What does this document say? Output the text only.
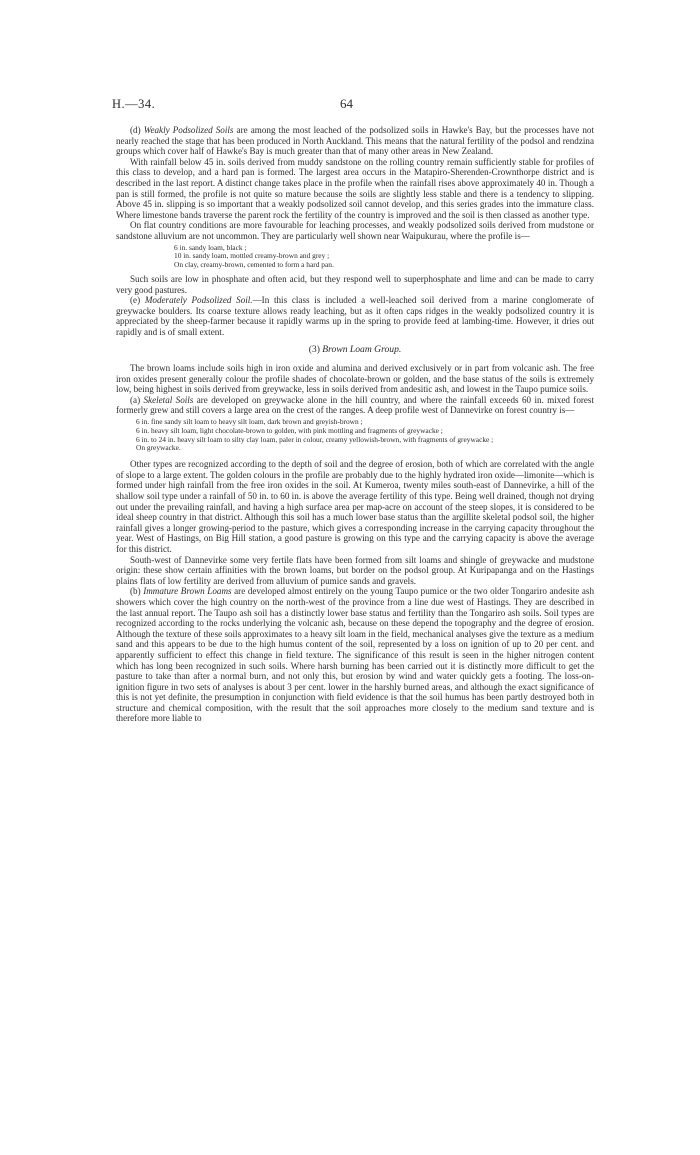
H.—34.	64

(d) Weakly Podsolized Soils are among the most leached of the podsolized soils in Hawke's Bay, but the processes have not nearly reached the stage that has been produced in North Auckland. This means that the natural fertility of the podsol and rendzina groups which cover half of Hawke's Bay is much greater than that of many other areas in New Zealand.

With rainfall below 45 in. soils derived from muddy sandstone on the rolling country remain sufficiently stable for profiles of this class to develop, and a hard pan is formed. The largest area occurs in the Matapiro-Sherenden-Crownthorpe district and is described in the last report. A distinct change takes place in the profile when the rainfall rises above approximately 40 in. Though a pan is still formed, the profile is not quite so mature because the soils are slightly less stable and there is a tendency to slipping. Above 45 in. slipping is so important that a weakly podsolized soil cannot develop, and this series grades into the immature class. Where limestone bands traverse the parent rock the fertility of the country is improved and the soil is then classed as another type.

On flat country conditions are more favourable for leaching processes, and weakly podsolized soils derived from mudstone or sandstone alluvium are not uncommon. They are particularly well shown near Waipukurau, where the profile is—

6 in. sandy loam, black ;
10 in. sandy loam, mottled creamy-brown and grey ;
On clay, creamy-brown, cemented to form a hard pan.

Such soils are low in phosphate and often acid, but they respond well to superphosphate and lime and can be made to carry very good pastures.

(e) Moderately Podsolized Soil.—In this class is included a well-leached soil derived from a marine conglomerate of greywacke boulders. Its coarse texture allows ready leaching, but as it often caps ridges in the weakly podsolized country it is appreciated by the sheep-farmer because it rapidly warms up in the spring to provide feed at lambing-time. However, it dries out rapidly and is of small extent.

(3) Brown Loam Group.

The brown loams include soils high in iron oxide and alumina and derived exclusively or in part from volcanic ash. The free iron oxides present generally colour the profile shades of chocolate-brown or golden, and the base status of the soils is extremely low, being highest in soils derived from greywacke, less in soils derived from andesitic ash, and lowest in the Taupo pumice soils.

(a) Skeletal Soils are developed on greywacke alone in the hill country, and where the rainfall exceeds 60 in. mixed forest formerly grew and still covers a large area on the crest of the ranges. A deep profile west of Dannevirke on forest country is—

6 in. fine sandy silt loam to heavy silt loam, dark brown and greyish-brown ;
6 in. heavy silt loam, light chocolate-brown to golden, with pink mottling and fragments of greywacke ;
6 in. to 24 in. heavy silt loam to silty clay loam, paler in colour, creamy yellowish-brown, with fragments of greywacke ;
On greywacke.

Other types are recognized according to the depth of soil and the degree of erosion, both of which are correlated with the angle of slope to a large extent. The golden colours in the profile are probably due to the highly hydrated iron oxide—limonite—which is formed under high rainfall from the free iron oxides in the soil. At Kumeroa, twenty miles south-east of Dannevirke, a hill of the shallow soil type under a rainfall of 50 in. to 60 in. is above the average fertility of this type. Being well drained, though not drying out under the prevailing rainfall, and having a high surface area per map-acre on account of the steep slopes, it is considered to be ideal sheep country in that district. Although this soil has a much lower base status than the argillite skeletal podsol soil, the higher rainfall gives a longer growing-period to the pasture, which gives a corresponding increase in the carrying capacity throughout the year. West of Hastings, on Big Hill station, a good pasture is growing on this type and the carrying capacity is above the average for this district.

South-west of Dannevirke some very fertile flats have been formed from silt loams and shingle of greywacke and mudstone origin: these show certain affinities with the brown loams, but border on the podsol group. At Kuripapanga and on the Hastings plains flats of low fertility are derived from alluvium of pumice sands and gravels.

(b) Immature Brown Loams are developed almost entirely on the young Taupo pumice or the two older Tongariro andesite ash showers which cover the high country on the north-west of the province from a line due west of Hastings. They are described in the last annual report. The Taupo ash soil has a distinctly lower base status and fertility than the Tongariro ash soils. Soil types are recognized according to the rocks underlying the volcanic ash, because on these depend the topography and the degree of erosion. Although the texture of these soils approximates to a heavy silt loam in the field, mechanical analyses give the texture as a medium sand and this appears to be due to the high humus content of the soil, represented by a loss on ignition of up to 20 per cent. and apparently sufficient to effect this change in field texture. The significance of this result is seen in the higher nitrogen content which has long been recognized in such soils. Where harsh burning has been carried out it is distinctly more difficult to get the pasture to take than after a normal burn, and not only this, but erosion by wind and water quickly gets a footing. The loss-on-ignition figure in two sets of analyses is about 3 per cent. lower in the harshly burned areas, and although the exact significance of this is not yet definite, the presumption in conjunction with field evidence is that the soil humus has been partly destroyed both in structure and chemical composition, with the result that the soil approaches more closely to the medium sand texture and is therefore more liable to
